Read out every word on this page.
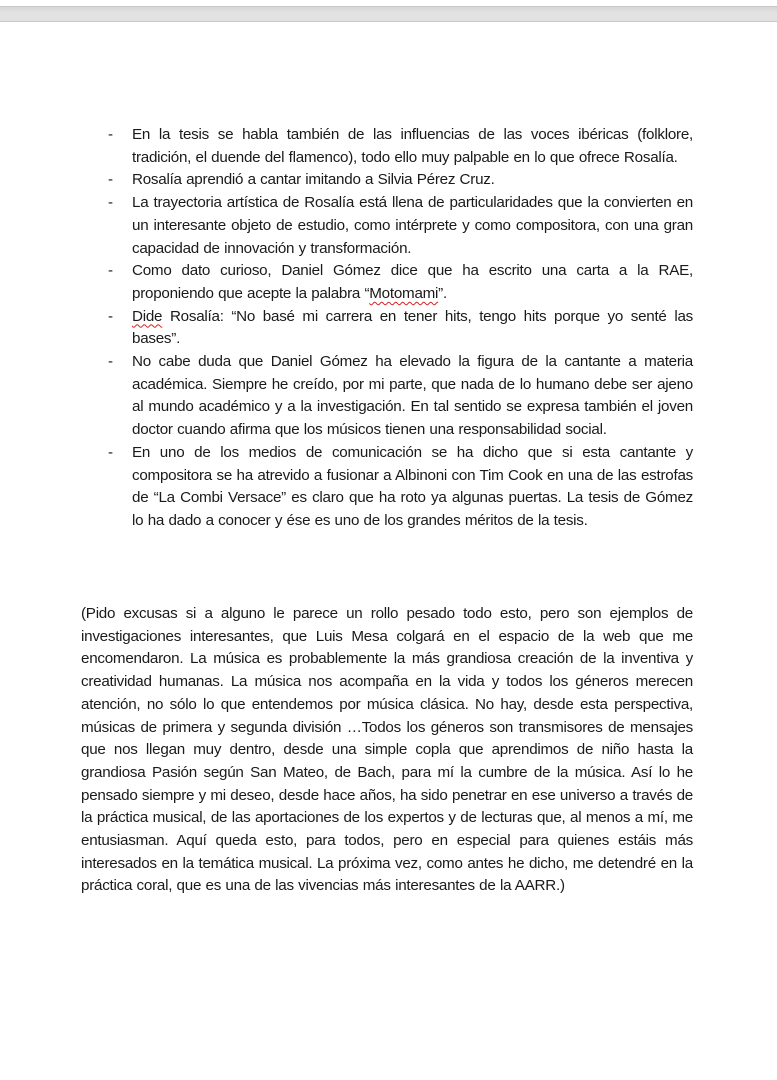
- En la tesis se habla también de las influencias de las voces ibéricas (folklore, tradición, el duende del flamenco), todo ello muy palpable en lo que ofrece Rosalía.
- Rosalía aprendió a cantar imitando a Silvia Pérez Cruz.
- La trayectoria artística de Rosalía está llena de particularidades que la convierten en un interesante objeto de estudio, como intérprete y como compositora, con una gran capacidad de innovación y transformación.
- Como dato curioso, Daniel Gómez dice que ha escrito una carta a la RAE, proponiendo que acepte la palabra “Motomami”.
- Dide Rosalía: “No basé mi carrera en tener hits, tengo hits porque yo senté las bases”.
- No cabe duda que Daniel Gómez ha elevado la figura de la cantante a materia académica. Siempre he creído, por mi parte, que nada de lo humano debe ser ajeno al mundo académico y a la investigación. En tal sentido se expresa también el joven doctor cuando afirma que los músicos tienen una responsabilidad social.
- En uno de los medios de comunicación se ha dicho que si esta cantante y compositora se ha atrevido a fusionar a Albinoni con Tim Cook en una de las estrofas de “La Combi Versace” es claro que ha roto ya algunas puertas. La tesis de Gómez lo ha dado a conocer y ése es uno de los grandes méritos de la tesis.

(Pido excusas si a alguno le parece un rollo pesado todo esto, pero son ejemplos de investigaciones interesantes, que Luis Mesa colgará en el espacio de la web que me encomendaron. La música es probablemente la más grandiosa creación de la inventiva y creatividad humanas. La música nos acompaña en la vida y todos los géneros merecen atención, no sólo lo que entendemos por música clásica. No hay, desde esta perspectiva, músicas de primera y segunda división …Todos los géneros son transmisores de mensajes que nos llegan muy dentro, desde una simple copla que aprendimos de niño hasta la grandiosa Pasión según San Mateo, de Bach, para mí la cumbre de la música. Así lo he pensado siempre y mi deseo, desde hace años, ha sido penetrar en ese universo a través de la práctica musical, de las aportaciones de los expertos y de lecturas que, al menos a mí, me entusiasman. Aquí queda esto, para todos, pero en especial para quienes estáis más interesados en la temática musical. La próxima vez, como antes he dicho, me detendré en la práctica coral, que es una de las vivencias más interesantes de la AARR.)
